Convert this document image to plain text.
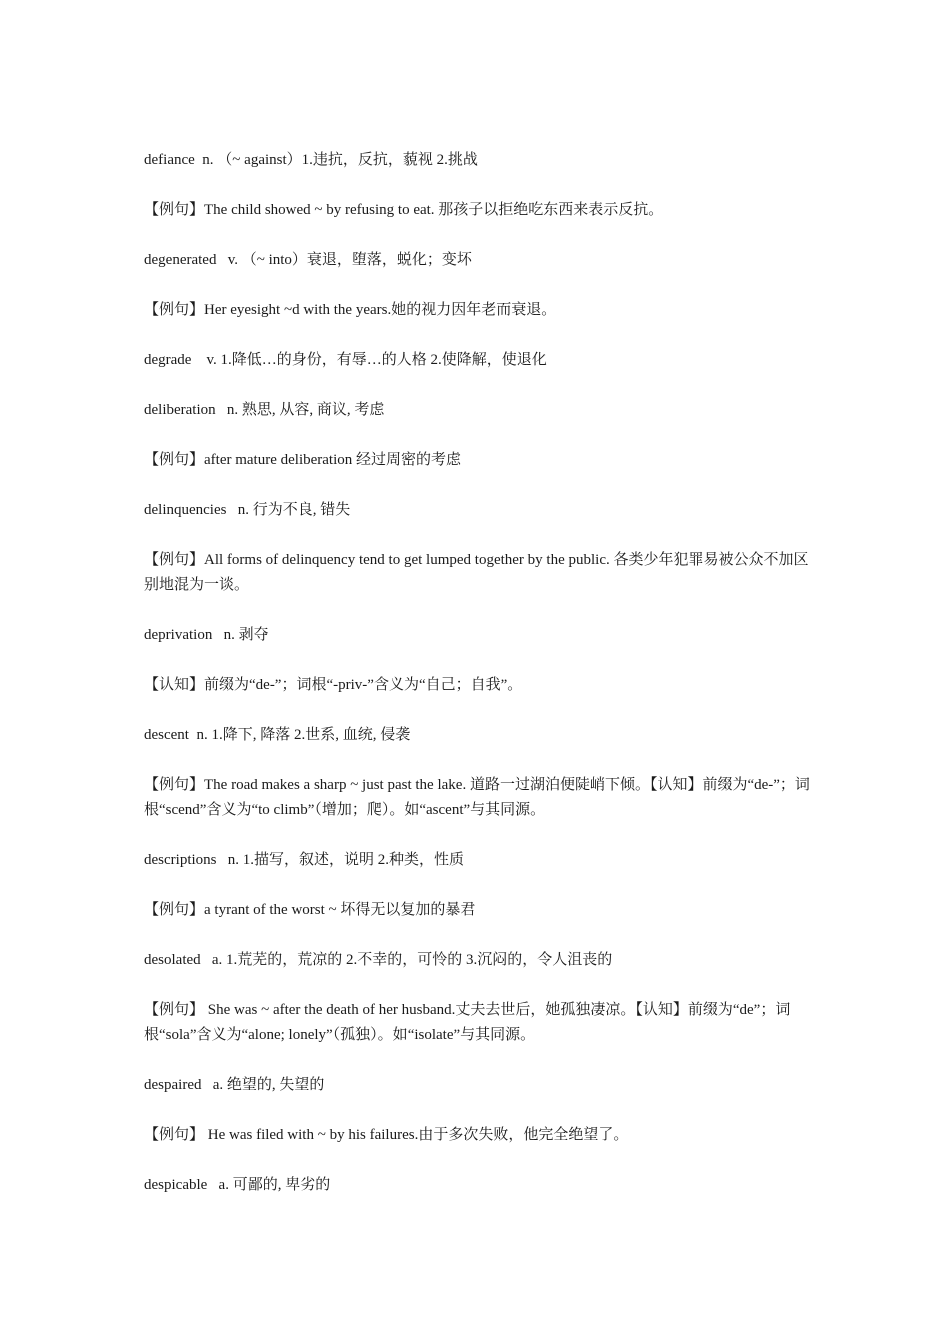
defiance  n. （~ against）1.违抗，反抗，藐视 2.挑战

【例句】The child showed ~ by refusing to eat. 那孩子以拒绝吃东西来表示反抗。

degenerated   v. （~ into）衰退，堕落，蜕化；变坏

【例句】Her eyesight ~d with the years.她的视力因年老而衰退。

degrade    v. 1.降低…的身份，有辱…的人格 2.使降解，使退化

deliberation   n. 熟思, 从容, 商议, 考虑

【例句】after mature deliberation 经过周密的考虑

delinquencies   n. 行为不良, 错失

【例句】All forms of delinquency tend to get lumped together by the public. 各类少年犯罪易被公众不加区别地混为一谈。

deprivation   n. 剥夺

【认知】前缀为“de-”；词根“-priv-”含义为“自己；自我”。

descent  n. 1.降下, 降落 2.世系, 血统, 侵袭

【例句】The road makes a sharp ~ just past the lake. 道路一过湖泊便陡峭下倾。【认知】前缀为“de-”；词根“scend”含义为“to climb”（增加；爬）。如“ascent”与其同源。

descriptions   n. 1.描写，叙述，说明 2.种类，性质

【例句】a tyrant of the worst ~ 坏得无以复加的暴君

desolated   a. 1.荒芜的，荒凉的 2.不幸的，可怜的 3.沉闷的，令人沮丧的

【例句】 She was ~ after the death of her husband.丈夫去世后，她孤独凄凉。【认知】前缀为“de”；词根“sola”含义为“alone; lonely”（孤独）。如“isolate”与其同源。

despaired   a. 绝望的, 失望的

【例句】 He was filed with ~ by his failures.由于多次失败，他完全绝望了。

despicable   a. 可鄙的, 卑劣的
